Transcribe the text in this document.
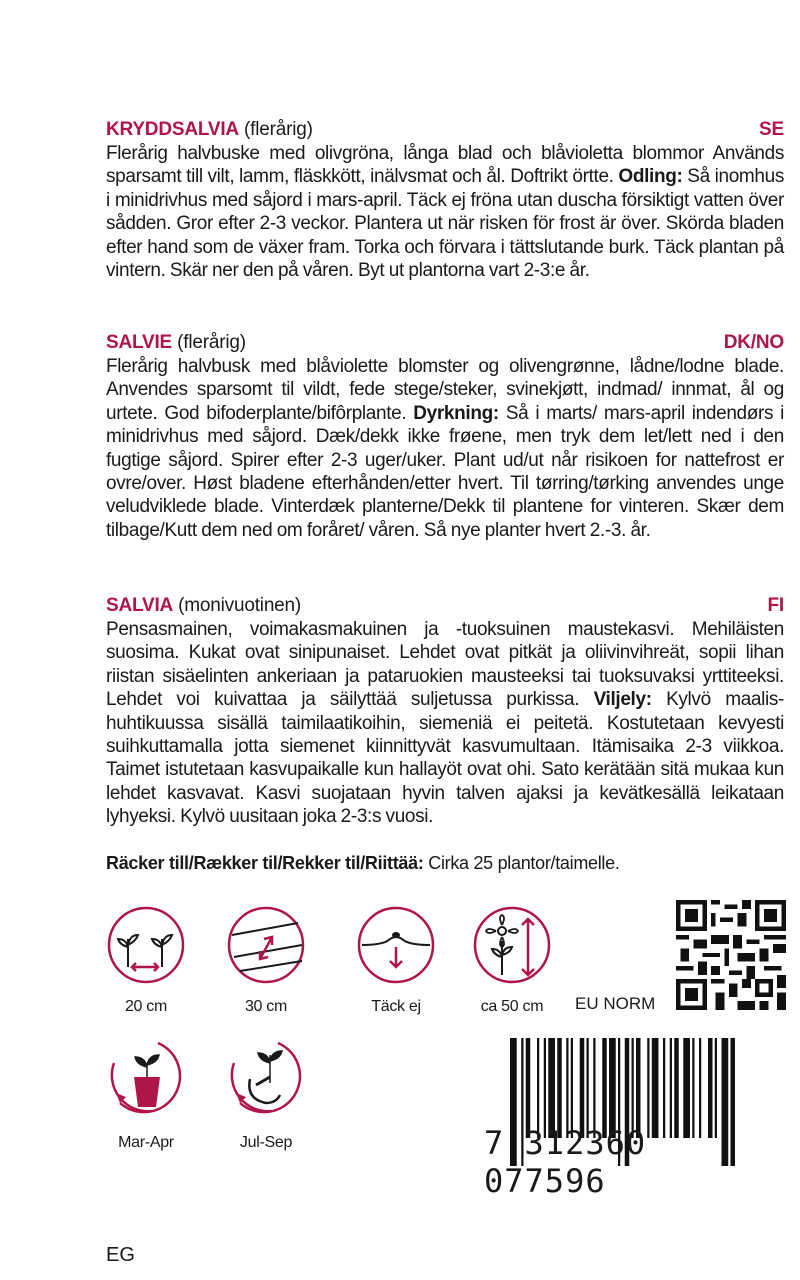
KRYDDSALVIA (flerårig)	SE
Flerårig halvbuske med olivgröna, långa blad och blåvioletta blommor Används sparsamt till vilt, lamm, fläskkött, inälvsmat och ål. Doftrikt örtte. Odling: Så inomhus i minidrivhus med såjord i mars-april. Täck ej fröna utan duscha försiktigt vatten över sådden. Gror efter 2-3 veckor. Plantera ut när risken för frost är över. Skörda bladen efter hand som de växer fram. Torka och förvara i tättslutande burk. Täck plantan på vintern. Skär ner den på våren. Byt ut plantorna vart 2-3:e år.
SALVIE (flerårig)	DK/NO
Flerårig halvbusk med blåviolette blomster og olivengrønne, lådne/lodne blade. Anvendes sparsomt til vildt, fede stege/steker, svinekjøtt, indmad/ innmat, ål og urtete. God bifoderplante/bifôrplante. Dyrkning: Så i marts/ mars-april indendørs i minidrivhus med såjord. Dæk/dekk ikke frøene, men tryk dem let/lett ned i den fugtige såjord. Spirer efter 2-3 uger/uker. Plant ud/ut når risikoen for nattefrost er ovre/over. Høst bladene efterhånden/etter hvert. Til tørring/tørking anvendes unge veludviklede blade. Vinterdæk planterne/Dekk til plantene for vinteren. Skær dem tilbage/Kutt dem ned om foråret/ våren. Så nye planter hvert 2.-3. år.
SALVIA (monivuotinen)	FI
Pensasmainen, voimakasmakuinen ja -tuoksuinen maustekasvi. Mehiläisten suosima. Kukat ovat sinipunaiset. Lehdet ovat pitkät ja oliivinvihreät, sopii lihan riistan sisäelinten ankeriaan ja pataruokien mausteeksi tai tuoksuvaksi yrttiteeksi. Lehdet voi kuivattaa ja säilyttää suljetussa purkissa. Viljely: Kylvö maalis-huhtikuussa sisällä taimilaatikoihin, siemeniä ei peitetä. Kostutetaan kevyesti suihkuttamalla jotta siemenet kiinnittyvät kasvumultaan. Itämisaika 2-3 viikkoa. Taimet istutetaan kasvupaikalle kun hallayöt ovat ohi. Sato kerätään sitä mukaa kun lehdet kasvavat. Kasvi suojataan hyvin talven ajaksi ja kevätkesällä leikataan lyhyeksi. Kylvö uusitaan joka 2-3:s vuosi.
Räcker till/Rækker til/Rekker til/Riittää: Cirka 25 plantor/taimelle.
20 cm	30 cm	Täck ej	ca 50 cm	EU NORM
Mar-Apr	Jul-Sep	7 312360 077596
EG
